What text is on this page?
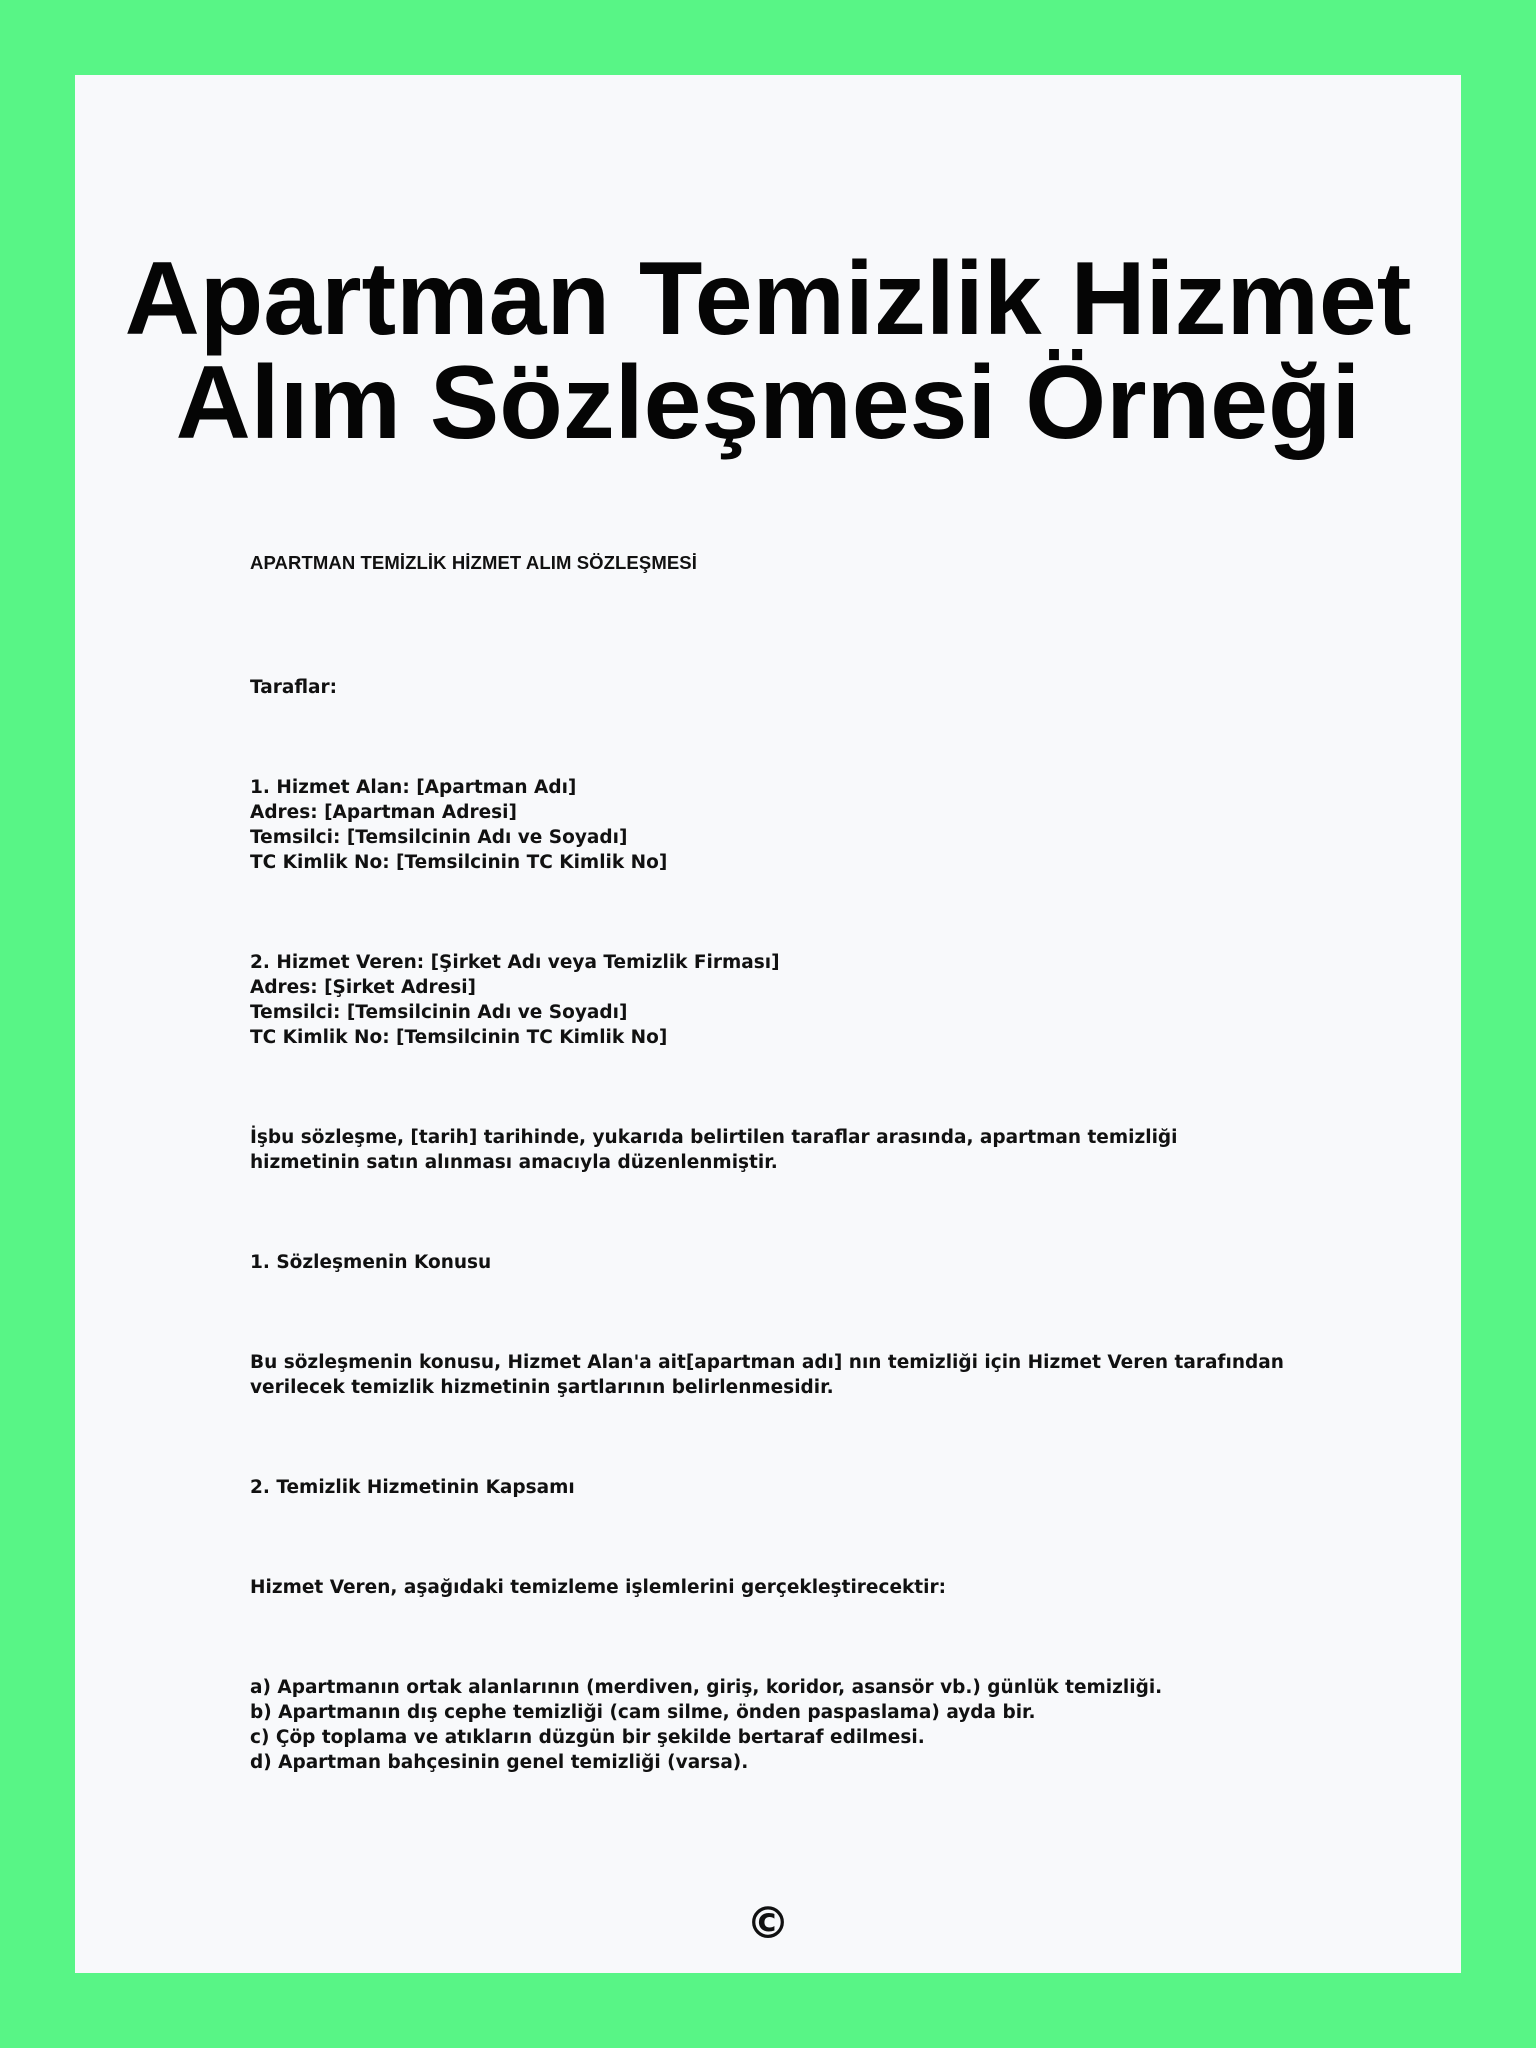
Apartman Temizlik Hizmet
Alım Sözleşmesi Örneği

APARTMAN TEMİZLİK HİZMET ALIM SÖZLEŞMESİ

Taraflar:

1. Hizmet Alan: [Apartman Adı]
Adres: [Apartman Adresi]
Temsilci: [Temsilcinin Adı ve Soyadı]
TC Kimlik No: [Temsilcinin TC Kimlik No]

2. Hizmet Veren: [Şirket Adı veya Temizlik Firması]
Adres: [Şirket Adresi]
Temsilci: [Temsilcinin Adı ve Soyadı]
TC Kimlik No: [Temsilcinin TC Kimlik No]

İşbu sözleşme, [tarih] tarihinde, yukarıda belirtilen taraflar arasında, apartman temizliği hizmetinin satın alınması amacıyla düzenlenmiştir.

1. Sözleşmenin Konusu

Bu sözleşmenin konusu, Hizmet Alan'a ait[apartman adı] nın temizliği için Hizmet Veren tarafından verilecek temizlik hizmetinin şartlarının belirlenmesidir.

2. Temizlik Hizmetinin Kapsamı

Hizmet Veren, aşağıdaki temizleme işlemlerini gerçekleştirecektir:

a) Apartmanın ortak alanlarının (merdiven, giriş, koridor, asansör vb.) günlük temizliği.
b) Apartmanın dış cephe temizliği (cam silme, önden paspaslama) ayda bir.
c) Çöp toplama ve atıkların düzgün bir şekilde bertaraf edilmesi.
d) Apartman bahçesinin genel temizliği (varsa).

©
